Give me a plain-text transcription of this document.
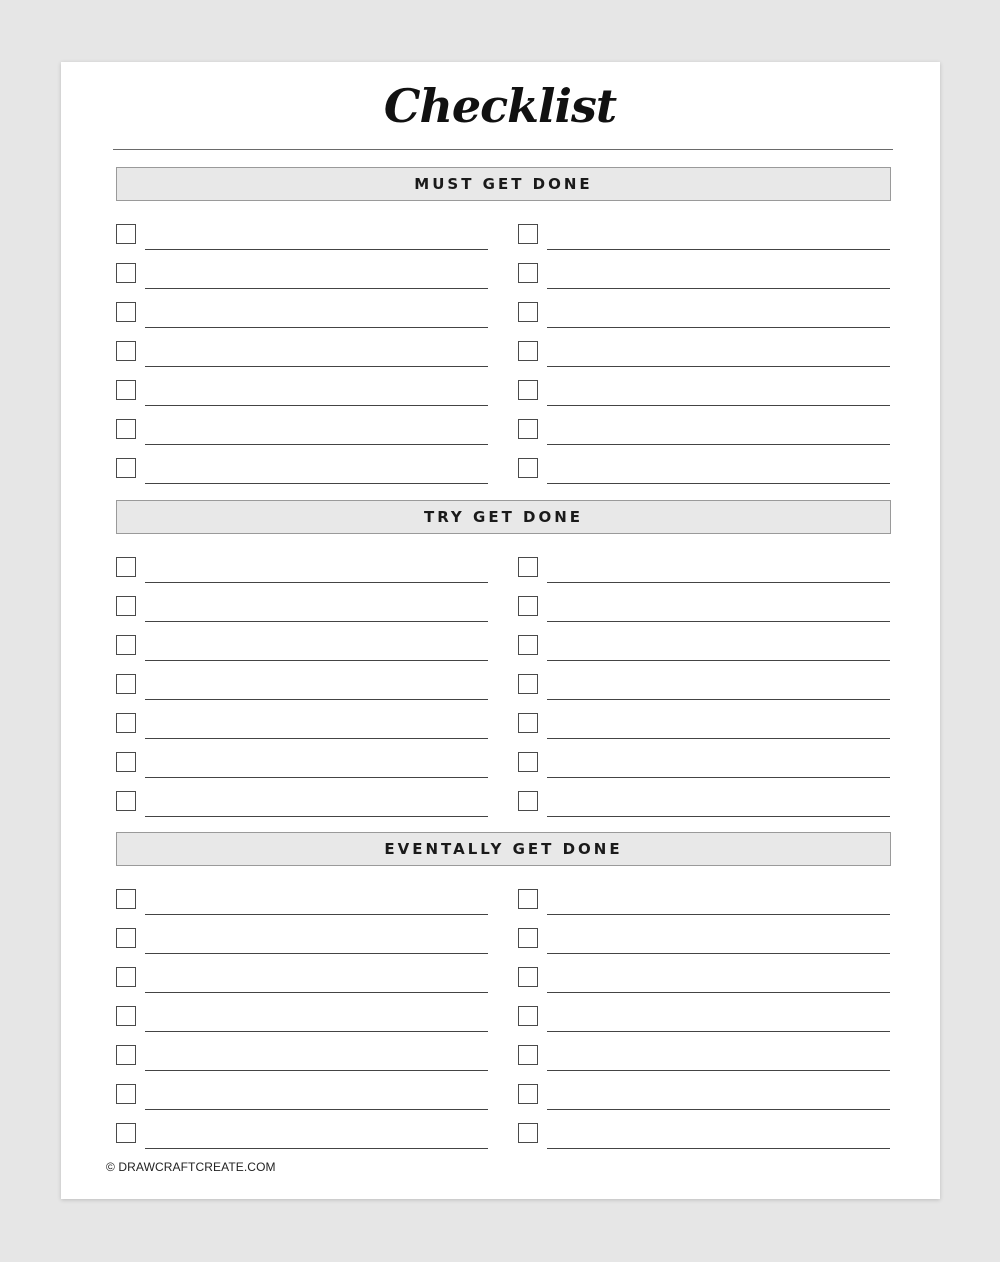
Checklist
MUST GET DONE
TRY GET DONE
EVENTALLY GET DONE
© DRAWCRAFTCREATE.COM
